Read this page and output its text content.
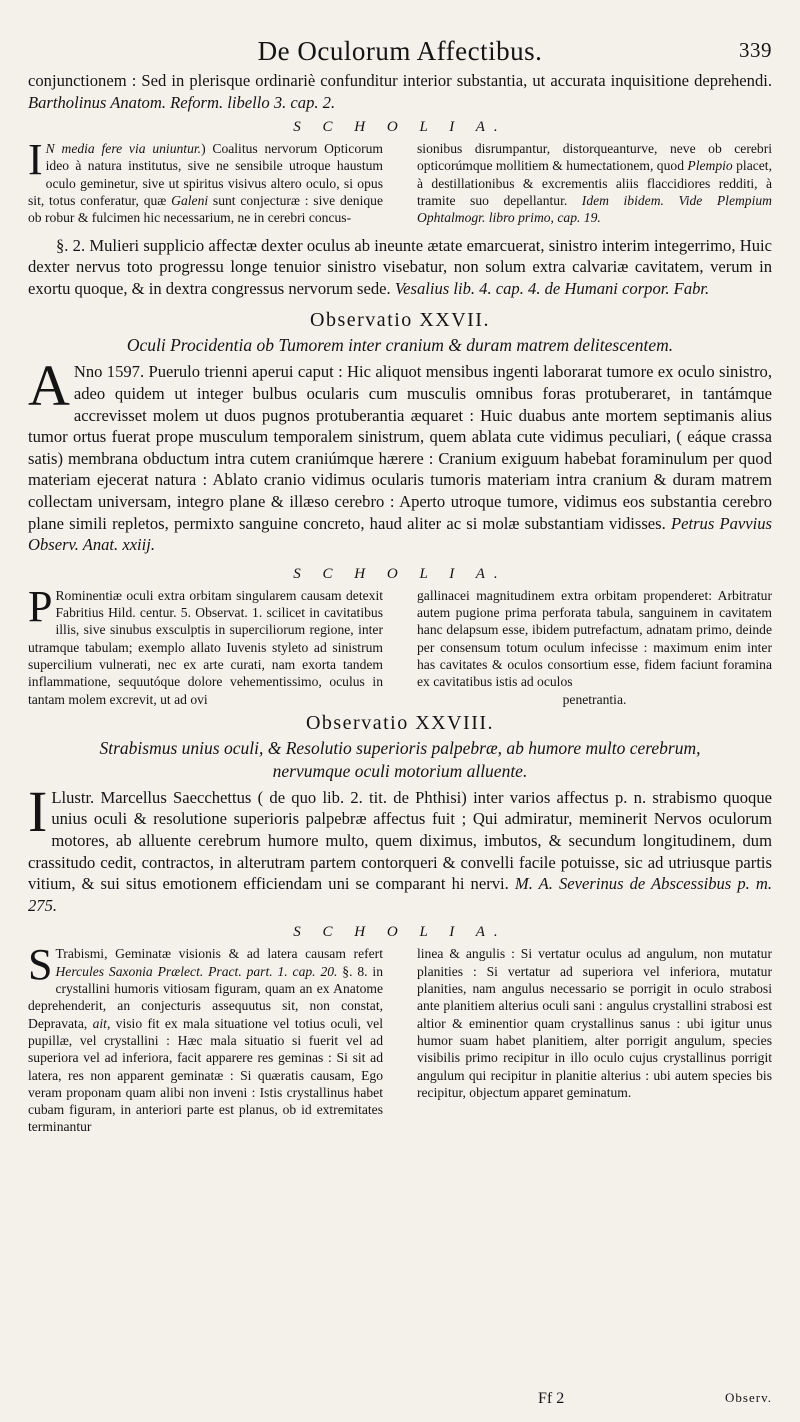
De Oculorum Affectibus.	339

conjunctionem : Sed in plerisque ordinariè confunditur interior substantia, ut accurata inquisitione deprehendi. Bartholinus Anatom. Reform. libello 3. cap. 2.

S C H O L I A.
I N media fere via uniuntur.) Coalitus nervorum Opticorum ideo à natura institutus, sive ne sensibile utroque haustum oculo geminetur, sive ut spiritus visivus altero oculo, si opus sit, totus conferatur, quæ Galeni sunt conjecturæ : sive denique ob robur & fulcimen hic necessarium, ne in cerebri concus-
sionibus disrumpantur, distorqueanturve, neve ob cerebri opticorúmque mollitiem & humectationem, quod Plempio placet, à destillationibus & excrementis aliis flaccidiores redditi, à tramite suo depellantur. Idem ibidem. Vide Plempium Ophtalmogr. libro primo, cap. 19.

§. 2. Mulieri supplicio affectæ dexter oculus ab ineunte ætate emarcuerat, sinistro interim integerrimo, Huic dexter nervus toto progressu longe tenuior sinistro visebatur, non solum extra calvariæ cavitatem, verum in exortu quoque, & in dextra congressus nervorum sede. Vesalius lib. 4. cap. 4. de Humani corpor. Fabr.

Observatio XXVII.
Oculi Procidentia ob Tumorem inter cranium & duram matrem delitescentem.

A Nno 1597. Puerulo trienni aperui caput : Hic aliquot mensibus ingenti laborarat tumore ex oculo sinistro, adeo quidem ut integer bulbus ocularis cum musculis omnibus foras protuberaret, in tantámque accrevisset molem ut duos pugnos protuberantia æquaret : Huic duabus ante mortem septimanis alius tumor ortus fuerat prope musculum temporalem sinistrum, quem ablata cute vidimus peculiari, ( eáque crassa satis) membrana obductum intra cutem craniúmque hærere : Cranium exiguum habebat foraminulum per quod materiam ejecerat natura : Ablato cranio vidimus ocularis tumoris materiam intra cranium & duram matrem collectam universam, integro plane & illæso cerebro : Aperto utroque tumore, vidimus eos substantia cerebro plane simili repletos, permixto sanguine concreto, haud aliter ac si molæ substantiam vidisses. Petrus Pavvius Observ. Anat. xxiij.

S C H O L I A.
P Rominentiæ oculi extra orbitam singularem causam detexit Fabritius Hild. centur. 5. Observat. 1. scilicet in cavitatibus illis, sive sinubus exsculptis in superciliorum regione, inter utramque tabulam; exemplo allato Iuvenis styleto ad sinistrum supercilium vulnerati, nec ex arte curati, nam exorta tandem inflammatione, sequutóque dolore vehementissimo, oculus in tantam molem excrevit, ut ad ovi
gallinacei magnitudinem extra orbitam propenderet: Arbitratur autem pugione prima perforata tabula, sanguinem in cavitatem hanc delapsum esse, ibidem putrefactum, adnatam primo, deinde per consensum totum oculum infecisse : maximum enim inter has cavitates & oculos consortium esse, fidem faciunt foramina ex cavitatibus istis ad oculos
penetrantia.
Observatio XXVIII.
Strabismus unius oculi, & Resolutio superioris palpebræ, ab humore multo cerebrum,
nervumque oculi motorium alluente.

I Llustr. Marcellus Saecchettus ( de quo lib. 2. tit. de Phthisi) inter varios affectus p. n. strabismo quoque unius oculi & resolutione superioris palpebræ affectus fuit ; Qui admiratur, meminerit Nervos oculorum motores, ab alluente cerebrum humore multo, quem diximus, imbutos, & secundum longitudinem, dum crassitudo cedit, contractos, in alterutram partem contorqueri & convelli facile potuisse, sic ad utriusque partis vitium, & sui situs emotionem efficiendam uni se comparant hi nervi. M. A. Severinus de Abscessibus p. m. 275.

S C H O L I A.
S Trabismi, Geminatæ visionis & ad latera causam refert Hercules Saxonia Prælect. Pract. part. 1. cap. 20. §. 8. in crystallini humoris vitiosam figuram, quam an ex Anatome deprehenderit, an conjecturis assequutus sit, non constat, Depravata, ait, visio fit ex mala situatione vel totius oculi, vel pupillæ, vel crystallini : Hæc mala situatio si fuerit vel ad superiora vel ad inferiora, facit apparere res geminas : Si sit ad latera, res non apparent geminatæ : Si quæratis causam, Ego veram proponam quam alibi non inveni : Istis crystallinus habet cubam figuram, in anteriori parte est planus, ob id extremitates terminantur
linea & angulis : Si vertatur oculus ad angulum, non mutatur planities : Si vertatur ad superiora vel inferiora, mutatur planities, nam angulus necessario se porrigit in oculo strabosi ante planitiem alterius oculi sani : angulus crystallini strabosi est altior & eminentior quam crystallinus sanus : ubi igitur unus humor suam habet planitiem, alter porrigit angulum, species visibilis primo recipitur in illo oculo cujus crystallinus porrigit angulum qui recipitur in planitie alterius : ubi autem species bis recipitur, objectum apparet geminatum.
Ff 2	Observ.
